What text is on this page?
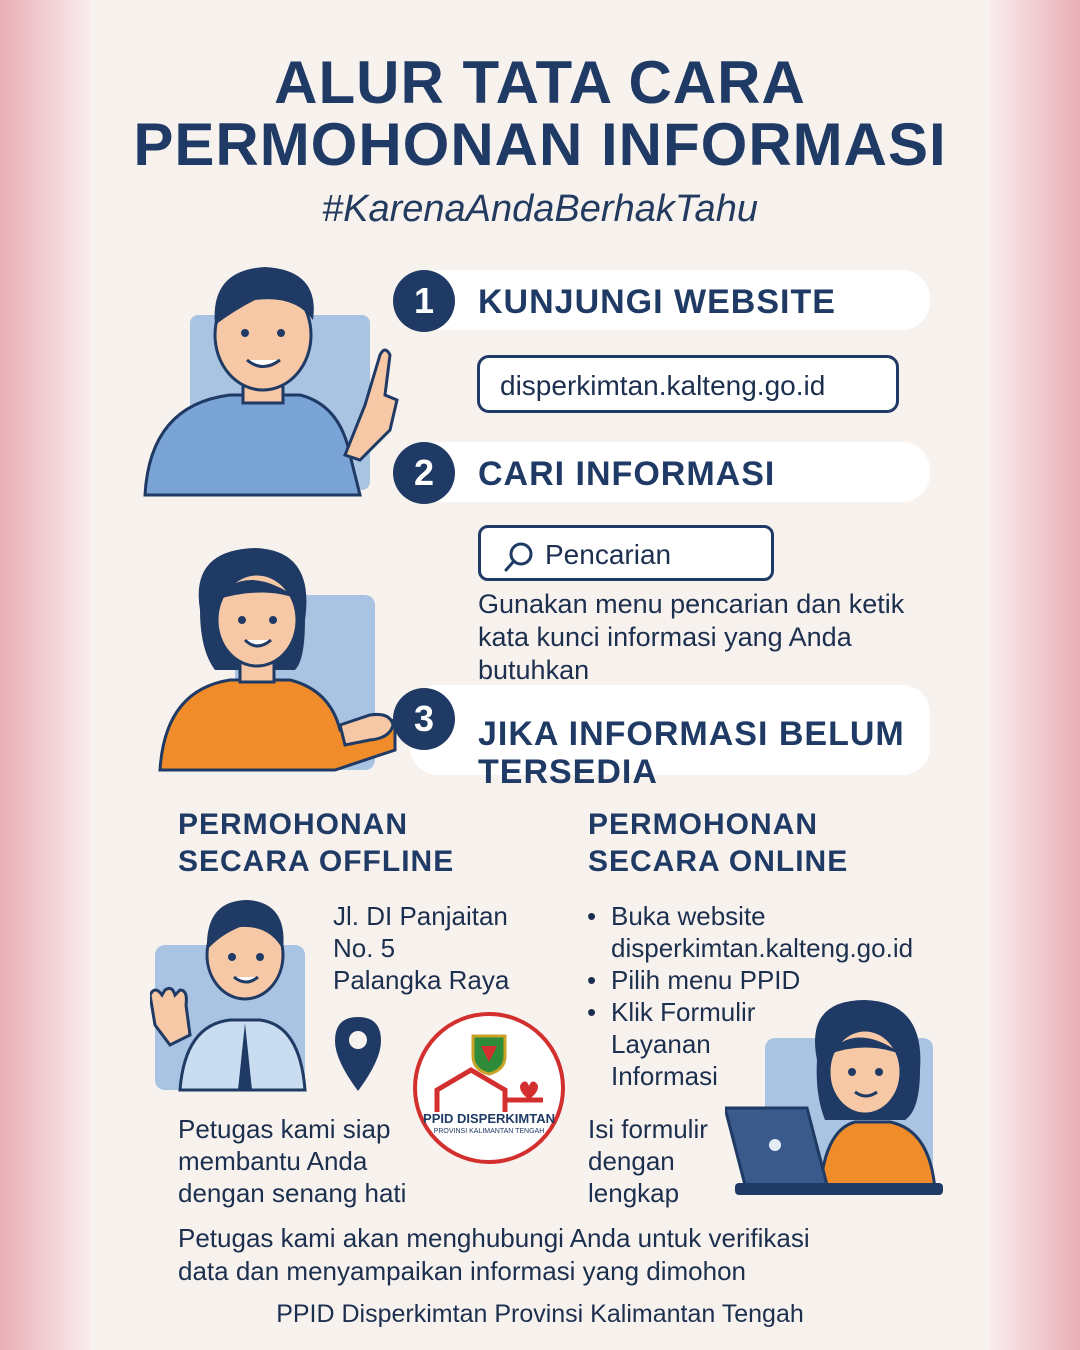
ALUR TATA CARA
PERMOHONAN INFORMASI
#KarenaAndaBerhakTahu
1	KUNJUNGI WEBSITE
disperkimtan.kalteng.go.id
2	CARI INFORMASI
Pencarian
Gunakan menu pencarian dan ketik
kata kunci informasi yang Anda
butuhkan
3	JIKA INFORMASI BELUM
TERSEDIA
PERMOHONAN
SECARA OFFLINE
Jl. DI Panjaitan
No. 5
Palangka Raya
Petugas kami siap
membantu Anda
dengan senang hati
PPID DISPERKIMTAN
PROVINSI KALIMANTAN TENGAH
PERMOHONAN
SECARA ONLINE
• Buka website
disperkimtan.kalteng.go.id
• Pilih menu PPID
• Klik Formulir
Layanan
Informasi
Isi formulir
dengan
lengkap
Petugas kami akan menghubungi Anda untuk verifikasi
data dan menyampaikan informasi yang dimohon
PPID Disperkimtan Provinsi Kalimantan Tengah
